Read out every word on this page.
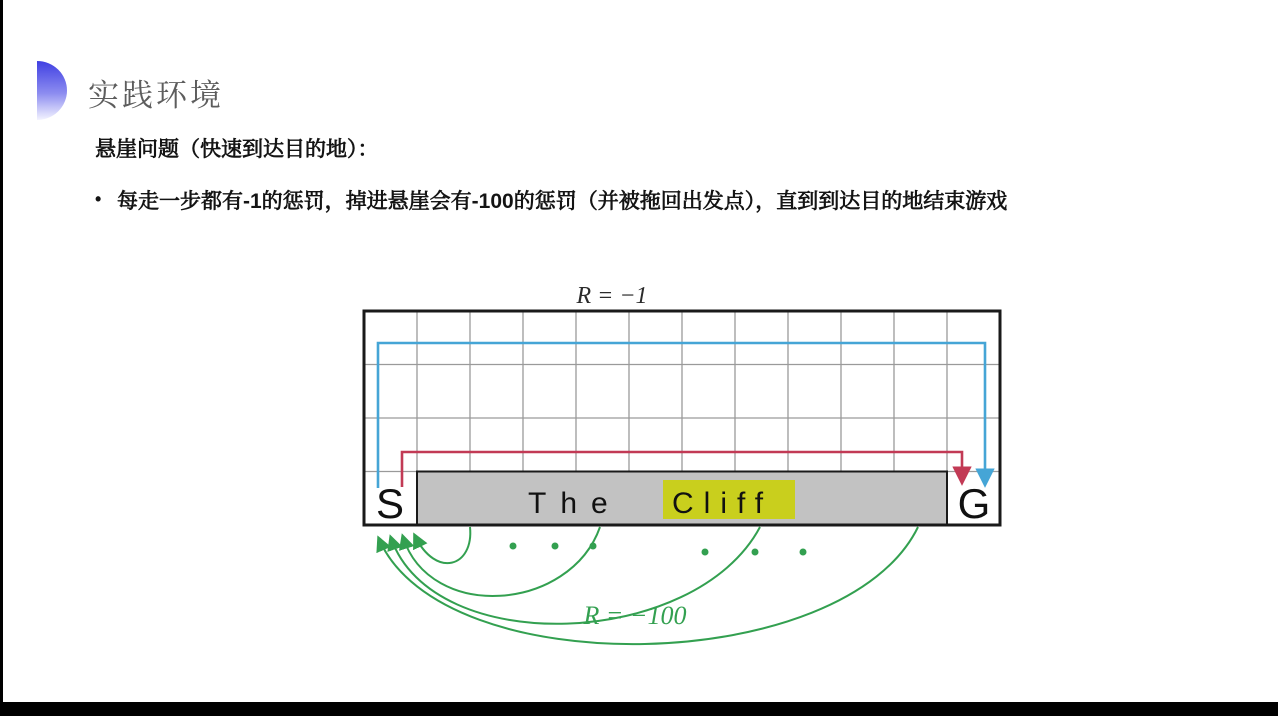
实践环境

悬崖问题（快速到达目的地）：

• 每走一步都有-1的惩罚，掉进悬崖会有-100的惩罚（并被拖回出发点），直到到达目的地结束游戏
R = −1
The Cliff
S	G
R = −100
